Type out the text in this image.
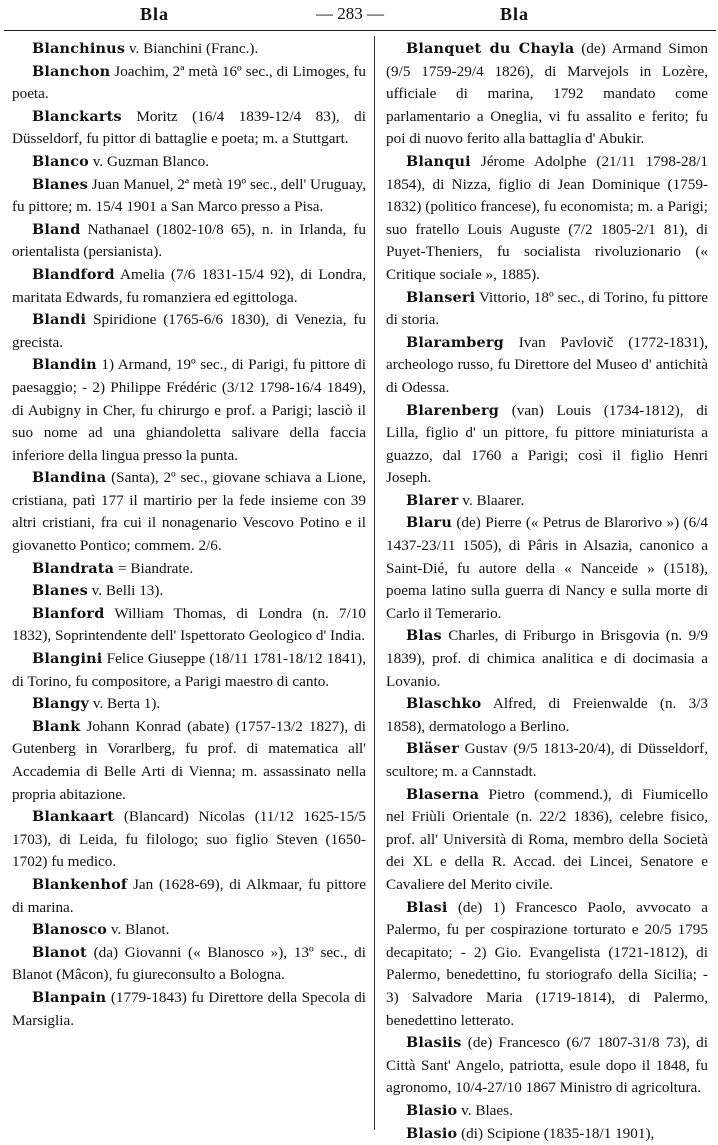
Bla	— 283 —	Bla

Blanchinus v. Bianchini (Franc.).

Blanchon Joachim, 2ª metà 16º sec., di Limoges, fu poeta.

Blanckarts Moritz (16/4 1839-12/4 83), di Düsseldorf, fu pittor di battaglie e poeta; m. a Stuttgart.

Blanco v. Guzman Blanco.

Blanes Juan Manuel, 2ª metà 19º sec., dell' Uruguay, fu pittore; m. 15/4 1901 a San Marco presso a Pisa.

Bland Nathanael (1802-10/8 65), n. in Irlanda, fu orientalista (persianista).

Blandford Amelia (7/6 1831-15/4 92), di Londra, maritata Edwards, fu romanziera ed egittologa.

Blandi Spiridione (1765-6/6 1830), di Venezia, fu grecista.

Blandin 1) Armand, 19º sec., di Parigi, fu pittore di paesaggio; - 2) Philippe Frédéric (3/12 1798-16/4 1849), di Aubigny in Cher, fu chirurgo e prof. a Parigi; lasciò il suo nome ad una ghiandoletta salivare della faccia inferiore della lingua presso la punta.

Blandina (Santa), 2º sec., giovane schiava a Lione, cristiana, patì 177 il martirio per la fede insieme con 39 altri cristiani, fra cui il nonagenario Vescovo Potino e il giovanetto Pontico; commem. 2/6.

Blandrata = Biandrate.

Blanes v. Belli 13).

Blanford William Thomas, di Londra (n. 7/10 1832), Soprintendente dell' Ispettorato Geologico d' India.

Blangini Felice Giuseppe (18/11 1781-18/12 1841), di Torino, fu compositore, a Parigi maestro di canto.

Blangy v. Berta 1).

Blank Johann Konrad (abate) (1757-13/2 1827), di Gutenberg in Vorarlberg, fu prof. di matematica all' Accademia di Belle Arti di Vienna; m. assassinato nella propria abitazione.

Blankaart (Blancard) Nicolas (11/12 1625-15/5 1703), di Leida, fu filologo; suo figlio Steven (1650-1702) fu medico.

Blankenhof Jan (1628-69), di Alkmaar, fu pittore di marina.

Blanosco v. Blanot.

Blanot (da) Giovanni (« Blanosco »), 13º sec., di Blanot (Mâcon), fu giureconsulto a Bologna.

Blanpain (1779-1843) fu Direttore della Specola di Marsiglia.

Blanquet du Chayla (de) Armand Simon (9/5 1759-29/4 1826), di Marvejols in Lozère, ufficiale di marina, 1792 mandato come parlamentario a Oneglia, vi fu assalito e ferito; fu poi di nuovo ferito alla battaglia d' Abukir.

Blanqui Jérome Adolphe (21/11 1798-28/1 1854), di Nizza, figlio di Jean Dominique (1759-1832) (politico francese), fu economista; m. a Parigi; suo fratello Louis Auguste (7/2 1805-2/1 81), di Puyet-Theniers, fu socialista rivoluzionario (« Critique sociale », 1885).

Blanseri Vittorio, 18º sec., di Torino, fu pittore di storia.

Blaramberg Ivan Pavlovič (1772-1831), archeologo russo, fu Direttore del Museo d' antichità di Odessa.

Blarenberg (van) Louis (1734-1812), di Lilla, figlio d' un pittore, fu pittore miniaturista a guazzo, dal 1760 a Parigi; così il figlio Henri Joseph.

Blarer v. Blaarer.

Blaru (de) Pierre (« Petrus de Blarorivo ») (6/4 1437-23/11 1505), di Pâris in Alsazia, canonico a Saint-Dié, fu autore della « Nanceide » (1518), poema latino sulla guerra di Nancy e sulla morte di Carlo il Temerario.

Blas Charles, di Friburgo in Brisgovia (n. 9/9 1839), prof. di chimica analitica e di docimasia a Lovanio.

Blaschko Alfred, di Freienwalde (n. 3/3 1858), dermatologo a Berlino.

Bläser Gustav (9/5 1813-20/4), di Düsseldorf, scultore; m. a Cannstadt.

Blaserna Pietro (commend.), di Fiumicello nel Friùli Orientale (n. 22/2 1836), celebre fisico, prof. all' Università di Roma, membro della Società dei XL e della R. Accad. dei Lincei, Senatore e Cavaliere del Merito civile.

Blasi (de) 1) Francesco Paolo, avvocato a Palermo, fu per cospirazione torturato e 20/5 1795 decapitato; - 2) Gio. Evangelista (1721-1812), di Palermo, benedettino, fu storiografo della Sicilia; - 3) Salvadore Maria (1719-1814), di Palermo, benedettino letterato.

Blasiis (de) Francesco (6/7 1807-31/8 73), di Città Sant' Angelo, patriotta, esule dopo il 1848, fu agronomo, 10/4-27/10 1867 Ministro di agricoltura.

Blasio v. Blaes.

Blasio (di) Scipione (1835-18/1 1901),
